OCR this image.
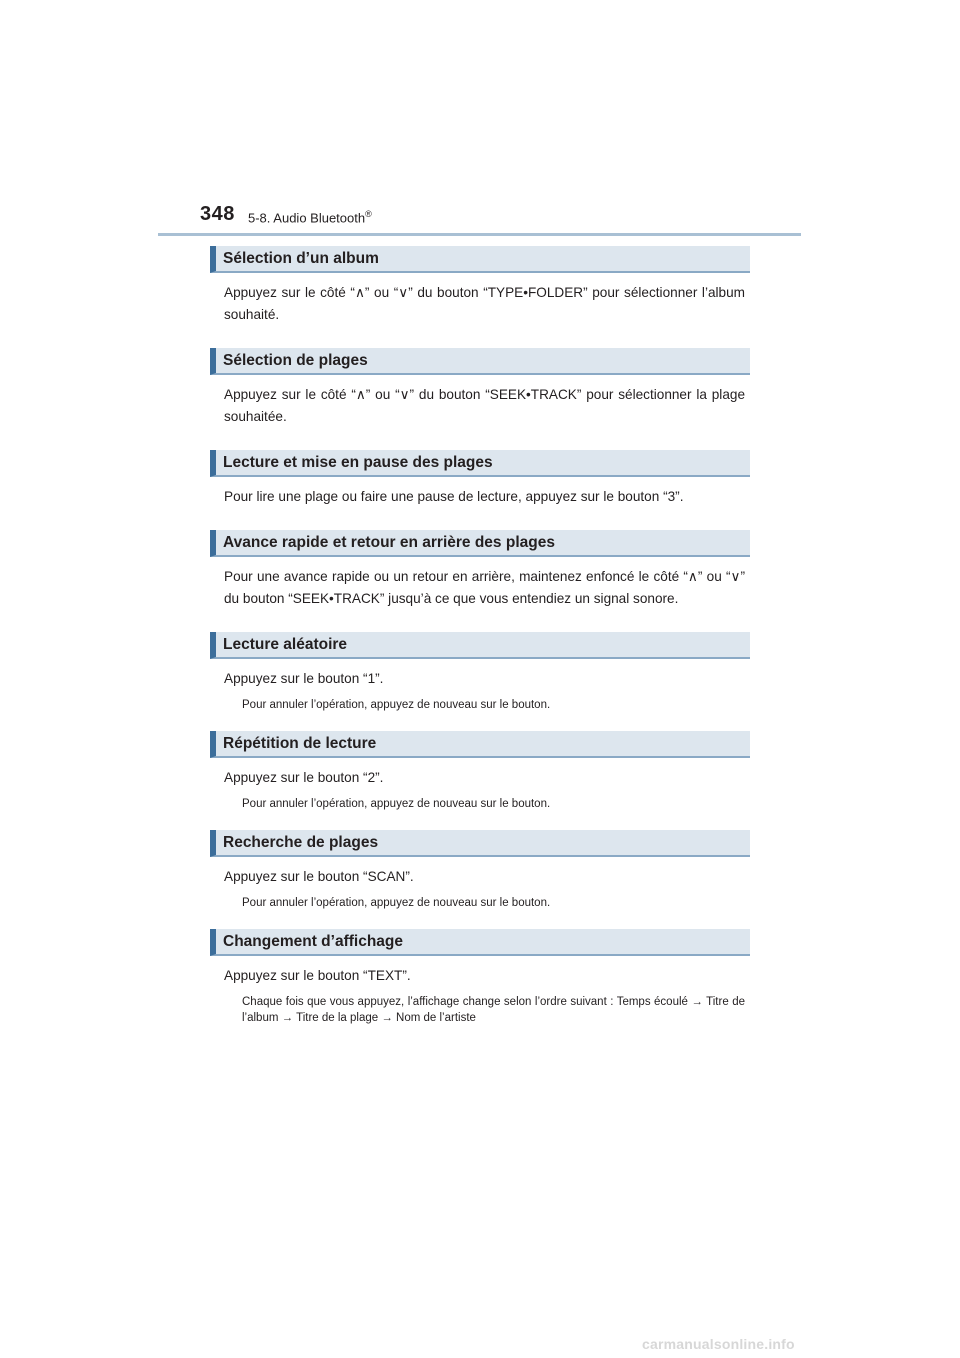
348 5-8. Audio Bluetooth®
Sélection d’un album

Appuyez sur le côté “∧” ou “∨” du bouton “TYPE•FOLDER” pour sélectionner l’album souhaité.

Sélection de plages

Appuyez sur le côté “∧” ou “∨” du bouton “SEEK•TRACK” pour sélectionner la plage souhaitée.

Lecture et mise en pause des plages

Pour lire une plage ou faire une pause de lecture, appuyez sur le bouton “3”.

Avance rapide et retour en arrière des plages

Pour une avance rapide ou un retour en arrière, maintenez enfoncé le côté “∧” ou “∨” du bouton “SEEK•TRACK” jusqu’à ce que vous entendiez un signal sonore.

Lecture aléatoire

Appuyez sur le bouton “1”.

Pour annuler l’opération, appuyez de nouveau sur le bouton.

Répétition de lecture

Appuyez sur le bouton “2”.

Pour annuler l’opération, appuyez de nouveau sur le bouton.

Recherche de plages

Appuyez sur le bouton “SCAN”.

Pour annuler l’opération, appuyez de nouveau sur le bouton.

Changement d’affichage

Appuyez sur le bouton “TEXT”.

Chaque fois que vous appuyez, l’affichage change selon l’ordre suivant : Temps écoulé → Titre de l’album → Titre de la plage → Nom de l’artiste

carmanualsonline.info
